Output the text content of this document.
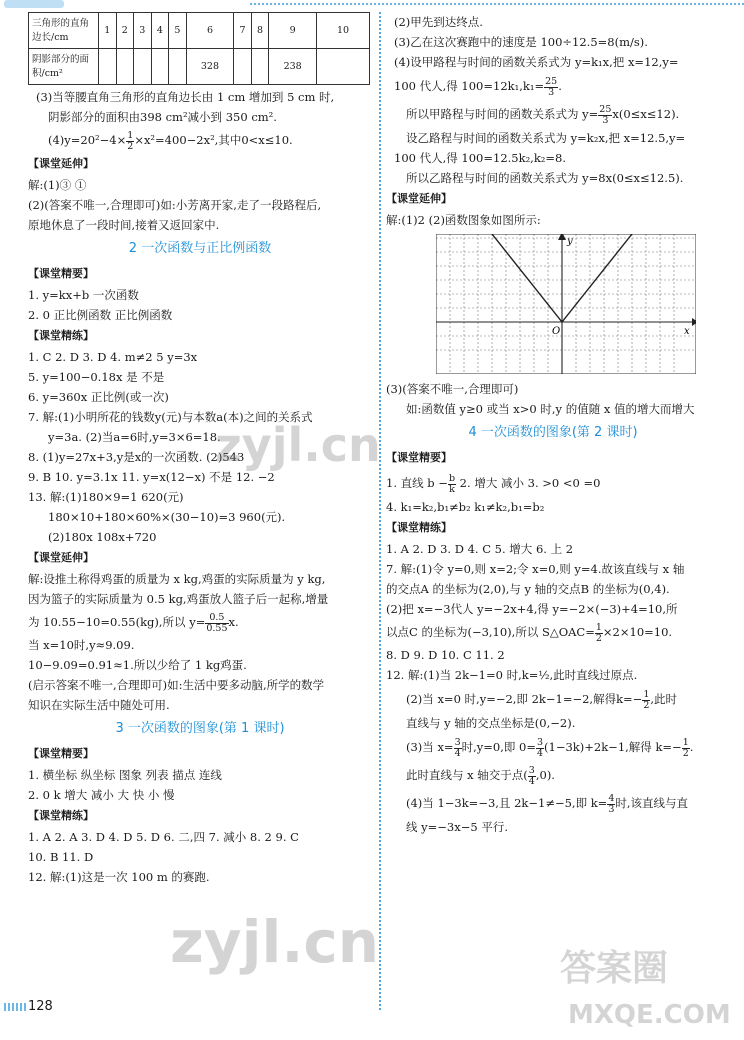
三角形的直角边长/cm	1	2	3	4	5	6	7	8	9	10
阴影部分的面积/cm²						328			238	
(3)当等腰直角三角形的直角边长由 1 cm 增加到 5 cm 时,
阴影部分的面积由398 cm²减小到 350 cm².
$(4)y=20^2-4\times \frac{1}{2} \times x^2=400-2x^2$,其中0<x≤10.
【课堂延伸】
解:(1)③ ①
(2)(答案不唯一,合理即可)如:小芳离开家,走了一段路程后,
原地休息了一段时间,接着又返回家中.
2 一次函数与正比例函数
【课堂精要】
1. y=kx+b 一次函数
2. 0 正比例函数 正比例函数
【课堂精练】
1. C 2. D 3. D 4. m≠2 5 y=3x
5. y=100−0.18x 是 不是
6. y=360x 正比例(或一次)
7. 解:(1)小明所花的钱数y(元)与本数a(本)之间的关系式
y=3a. (2)当a=6时,y=3×6=18.
8. (1)y=27x+3,y是x的一次函数. (2)543
9. B 10. y=3.1x 11. y=x(12−x) 不是 12. −2
13. 解:(1)180×9=1 620(元)
180×10+180×60%×(30−10)=3 960(元).
(2)180x 108x+720
【课堂延伸】
解:设推土称得鸡蛋的质量为 x kg,鸡蛋的实际质量为 y kg,
因为篮子的实际质量为 0.5 kg,鸡蛋放人篮子后一起称,增量
为 10.55−10=0.55(kg),所以 $y= \frac{0.5}{0.55} x$.
当 x=10时,y≈9.09.
10−9.09=0.91≈1.所以少给了 1 kg鸡蛋.
(启示答案不唯一,合理即可)如:生活中要多动脑,所学的数学
知识在实际生活中随处可用.
3 一次函数的图象(第 1 课时)
【课堂精要】
1. 横坐标 纵坐标 图象 列表 描点 连线
2. 0 k 增大 减小 大 快 小 慢
【课堂精练】
1. A 2. A 3. D 4. D 5. D 6. 二,四 7. 减小 8. 2 9. C
10. B 11. D
12. 解:(1)这是一次 100 m 的赛跑.
(2)甲先到达终点.
(3)乙在这次赛跑中的速度是 100÷12.5=8(m/s).
(4)设甲路程与时间的函数关系式为 y=k₁x,把 x=12,y=
100 代人,得 $100=12k_1,k_1= \frac{25}{3}$ .
所以甲路程与时间的函数关系式为 $y= \frac{25}{3} x(0\le x\le 12)$.
设乙路程与时间的函数关系式为 y=k₂x,把 x=12.5,y=
100 代人,得 100=12.5k₂,k₂=8.
所以乙路程与时间的函数关系式为 y=8x(0≤x≤12.5).
【课堂延伸】
解:(1)2 (2)函数图象如图所示:
x
y
O
(3)(答案不唯一,合理即可)
如:函数值 y≥0 或当 x>0 时,y 的值随 x 值的增大而增大
4 一次函数的图象(第 2 课时)
【课堂精要】
1. 直线 $b - \frac{b}{k} 2$. 增大 减小 3. >0 <0 =0
4. k₁=k₂,b₁≠b₂ k₁≠k₂,b₁=b₂
【课堂精练】
1. A 2. D 3. D 4. C 5. 增大 6. 上 2
7. 解:(1)令 y=0,则 x=2;令 x=0,则 y=4.故该直线与 x 轴
的交点A 的坐标为(2,0),与 y 轴的交点B 的坐标为(0,4).
(2)把 x=−3代人 y=−2x+4,得 y=−2×(−3)+4=10,所
以点C 的坐标为(−3,10),所以 S△OAC= $\frac{1}{2} \times 2\times 10=10$.
8. D 9. D 10. C 11. 2
12. 解:(1)当 2k−1=0 时,k=½,此时直线过原点.
(2)当 x=0 时,y=−2,即 2k−1=−2,解得$k=- \frac{1}{2}$ ,此时
直线与 y 轴的交点坐标是(0,−2).
(3)当 $x= \frac{3}{4}$ 时,y=0,即 $0= \frac{3}{4} (1-3k)+2k-1$,解得 $k=- \frac{1}{2}$ .
此时直线与 x 轴交于点( $\frac{3}{4} ,0$).
(4)当 1−3k=−3,且 2k−1≠−5,即 $k= \frac{4}{3}$ 时,该直线与直
线 y=−3x−5 平行.
128
zyjl.cn
zyjl.cn	答案圈
MXQE.COM
